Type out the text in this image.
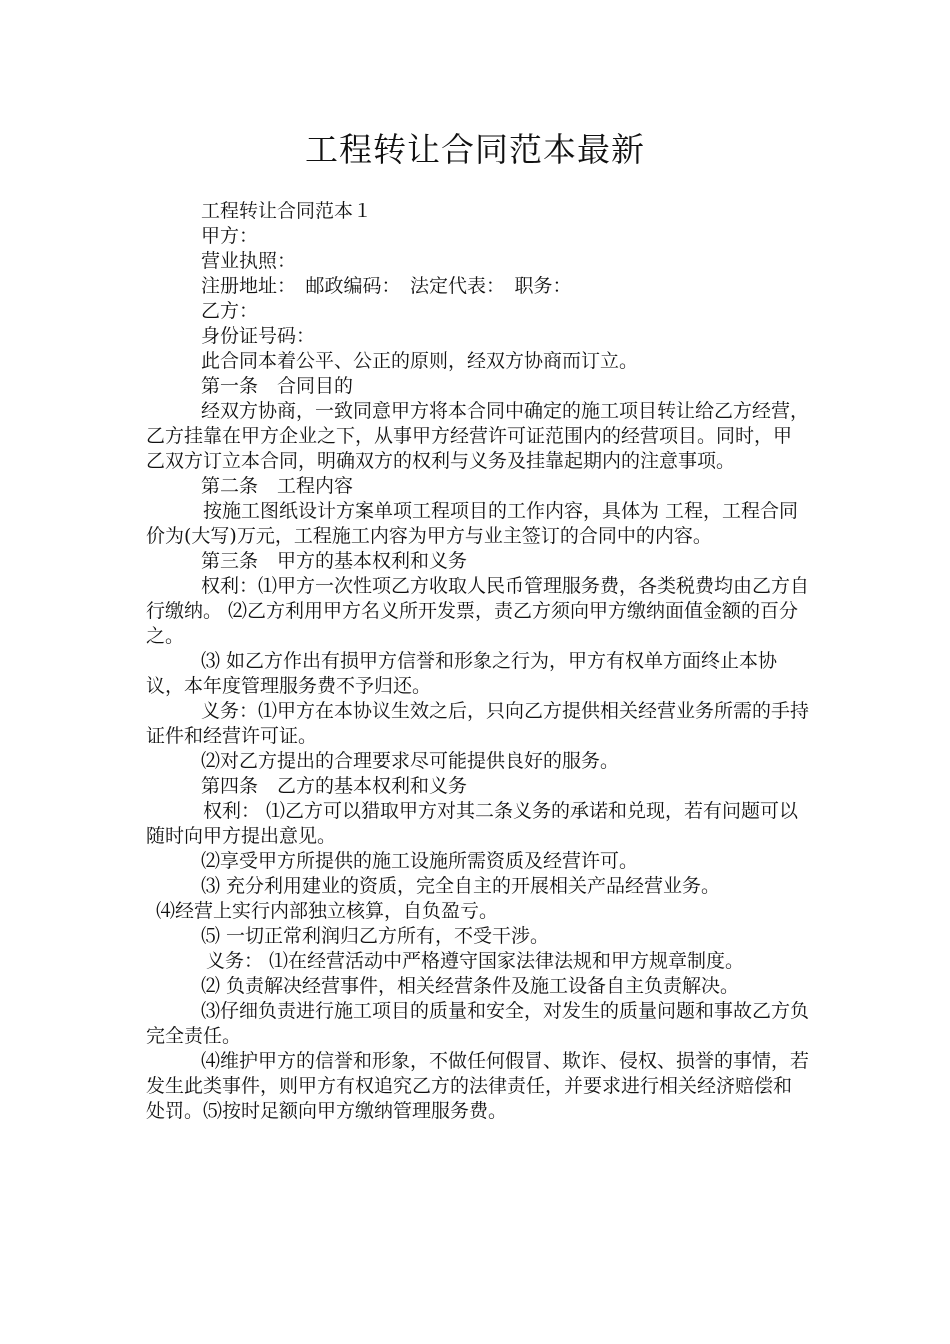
工程转让合同范本最新

工程转让合同范本１

甲方：

营业执照：

注册地址：　邮政编码：　法定代表：　职务：

乙方：

身份证号码：

此合同本着公平、公正的原则，经双方协商而订立。

第一条　合同目的

经双方协商，一致同意甲方将本合同中确定的施工项目转让给乙方经营，乙方挂靠在甲方企业之下，从事甲方经营许可证范围内的经营项目。同时，甲乙双方订立本合同，明确双方的权利与义务及挂靠起期内的注意事项。

第二条　工程内容

按施工图纸设计方案单项工程项目的工作内容，具体为 工程，工程合同价为(大写)万元，工程施工内容为甲方与业主签订的合同中的内容。

第三条　甲方的基本权利和义务

权利：⑴甲方一次性项乙方收取人民币管理服务费，各类税费均由乙方自行缴纳。 ⑵乙方利用甲方名义所开发票，责乙方须向甲方缴纳面值金额的百分之。

⑶ 如乙方作出有损甲方信誉和形象之行为，甲方有权单方面终止本协议，本年度管理服务费不予归还。

义务：⑴甲方在本协议生效之后，只向乙方提供相关经营业务所需的手持证件和经营许可证。

⑵对乙方提出的合理要求尽可能提供良好的服务。

第四条　乙方的基本权利和义务

权利： ⑴乙方可以猎取甲方对其二条义务的承诺和兑现，若有问题可以随时向甲方提出意见。

⑵享受甲方所提供的施工设施所需资质及经营许可。

⑶ 充分利用建业的资质，完全自主的开展相关产品经营业务。

⑷经营上实行内部独立核算，自负盈亏。

⑸ 一切正常利润归乙方所有，不受干涉。

义务： ⑴在经营活动中严格遵守国家法律法规和甲方规章制度。

⑵ 负责解决经营事件，相关经营条件及施工设备自主负责解决。

⑶仔细负责进行施工项目的质量和安全，对发生的质量问题和事故乙方负完全责任。

⑷维护甲方的信誉和形象，不做任何假冒、欺诈、侵权、损誉的事情，若发生此类事件，则甲方有权追究乙方的法律责任，并要求进行相关经济赔偿和处罚。⑸按时足额向甲方缴纳管理服务费。
